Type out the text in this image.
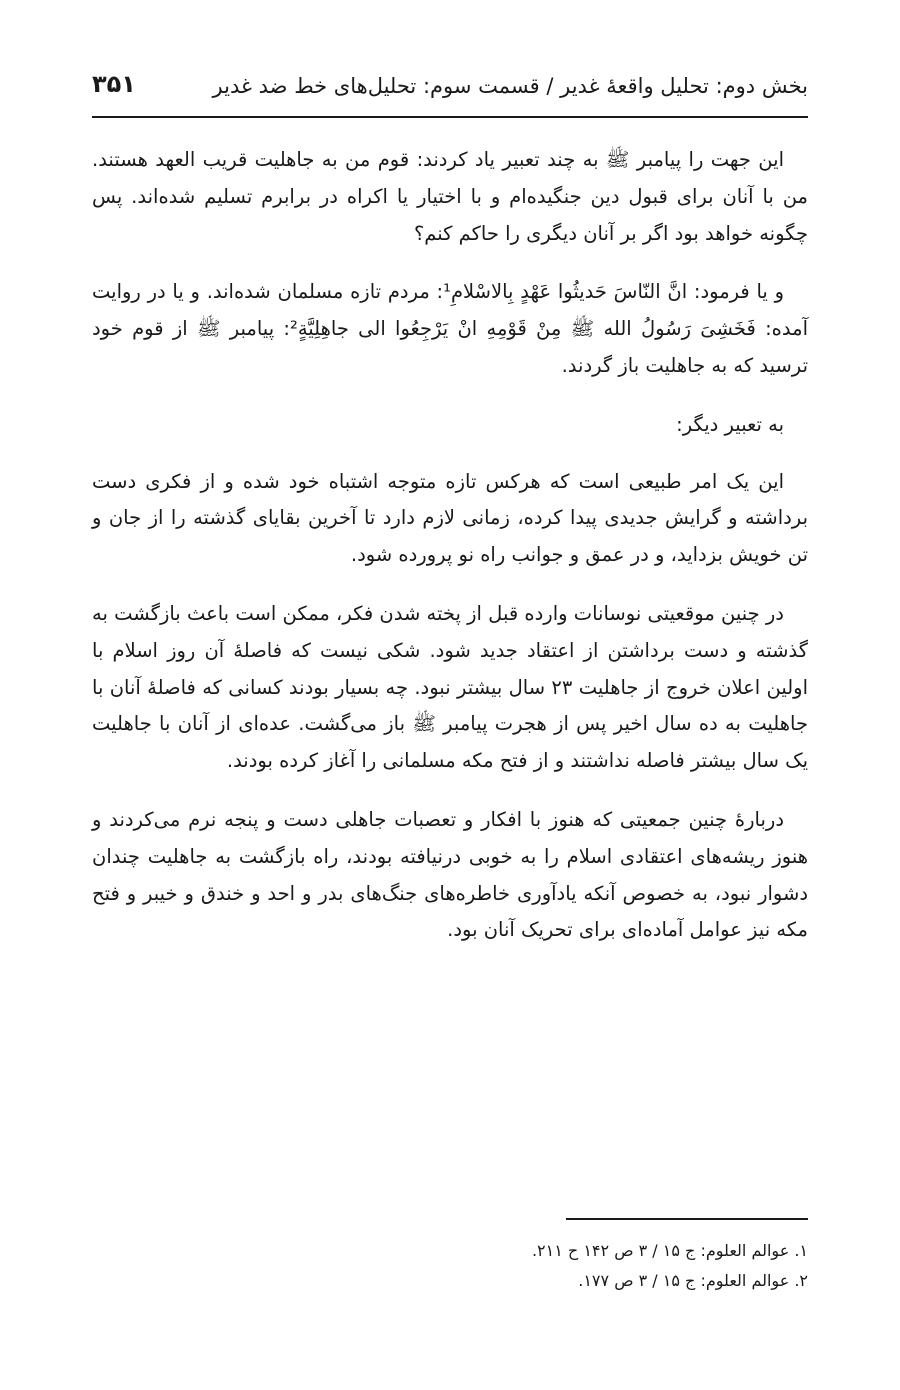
بخش دوم: تحلیل واقعهٔ غدیر / قسمت سوم: تحلیل‌های خط ضد غدیر
۳۵۱

این جهت را پیامبر ﷺ به چند تعبیر یاد کردند: قوم من به جاهلیت قریب العهد هستند. من با آنان برای قبول دین جنگیده‌ام و با اختیار یا اکراه در برابرم تسلیم شده‌اند. پس چگونه خواهد بود اگر بر آنان دیگری را حاکم کنم؟

و یا فرمود: انَّ النّاسَ حَدیثُوا عَهْدٍ بِالاسْلامِ¹: مردم تازه مسلمان شده‌اند. و یا در روایت آمده: فَخَشِیَ رَسُولُ الله ﷺ مِنْ قَوْمِهِ انْ یَرْجِعُوا الی جاهِلِیَّةٍ²: پیامبر ﷺ از قوم خود ترسید که به جاهلیت باز گردند.

به تعبیر دیگر:

این یک امر طبیعی است که هرکس تازه متوجه اشتباه خود شده و از فکری دست برداشته و گرایش جدیدی پیدا کرده، زمانی لازم دارد تا آخرین بقایای گذشته را از جان و تن خویش بزداید، و در عمق و جوانب راه نو پرورده شود.

در چنین موقعیتی نوسانات وارده قبل از پخته شدن فکر، ممکن است باعث بازگشت به گذشته و دست برداشتن از اعتقاد جدید شود. شکی نیست که فاصلهٔ آن روز اسلام با اولین اعلان خروج از جاهلیت ۲۳ سال بیشتر نبود. چه بسیار بودند کسانی که فاصلهٔ آنان با جاهلیت به ده سال اخیر پس از هجرت پیامبر ﷺ باز می‌گشت. عده‌ای از آنان با جاهلیت یک سال بیشتر فاصله نداشتند و از فتح مکه مسلمانی را آغاز کرده بودند.

دربارهٔ چنین جمعیتی که هنوز با افکار و تعصبات جاهلی دست و پنجه نرم می‌کردند و هنوز ریشه‌های اعتقادی اسلام را به خوبی درنیافته بودند، راه بازگشت به جاهلیت چندان دشوار نبود، به خصوص آنکه یادآوری خاطره‌های جنگ‌های بدر و احد و خندق و خیبر و فتح مکه نیز عوامل آماده‌ای برای تحریک آنان بود.

۱. عوالم العلوم: ج ۱۵ / ۳ ص ۱۴۲ ح ۲۱۱.
۲. عوالم العلوم: ج ۱۵ / ۳ ص ۱۷۷.
